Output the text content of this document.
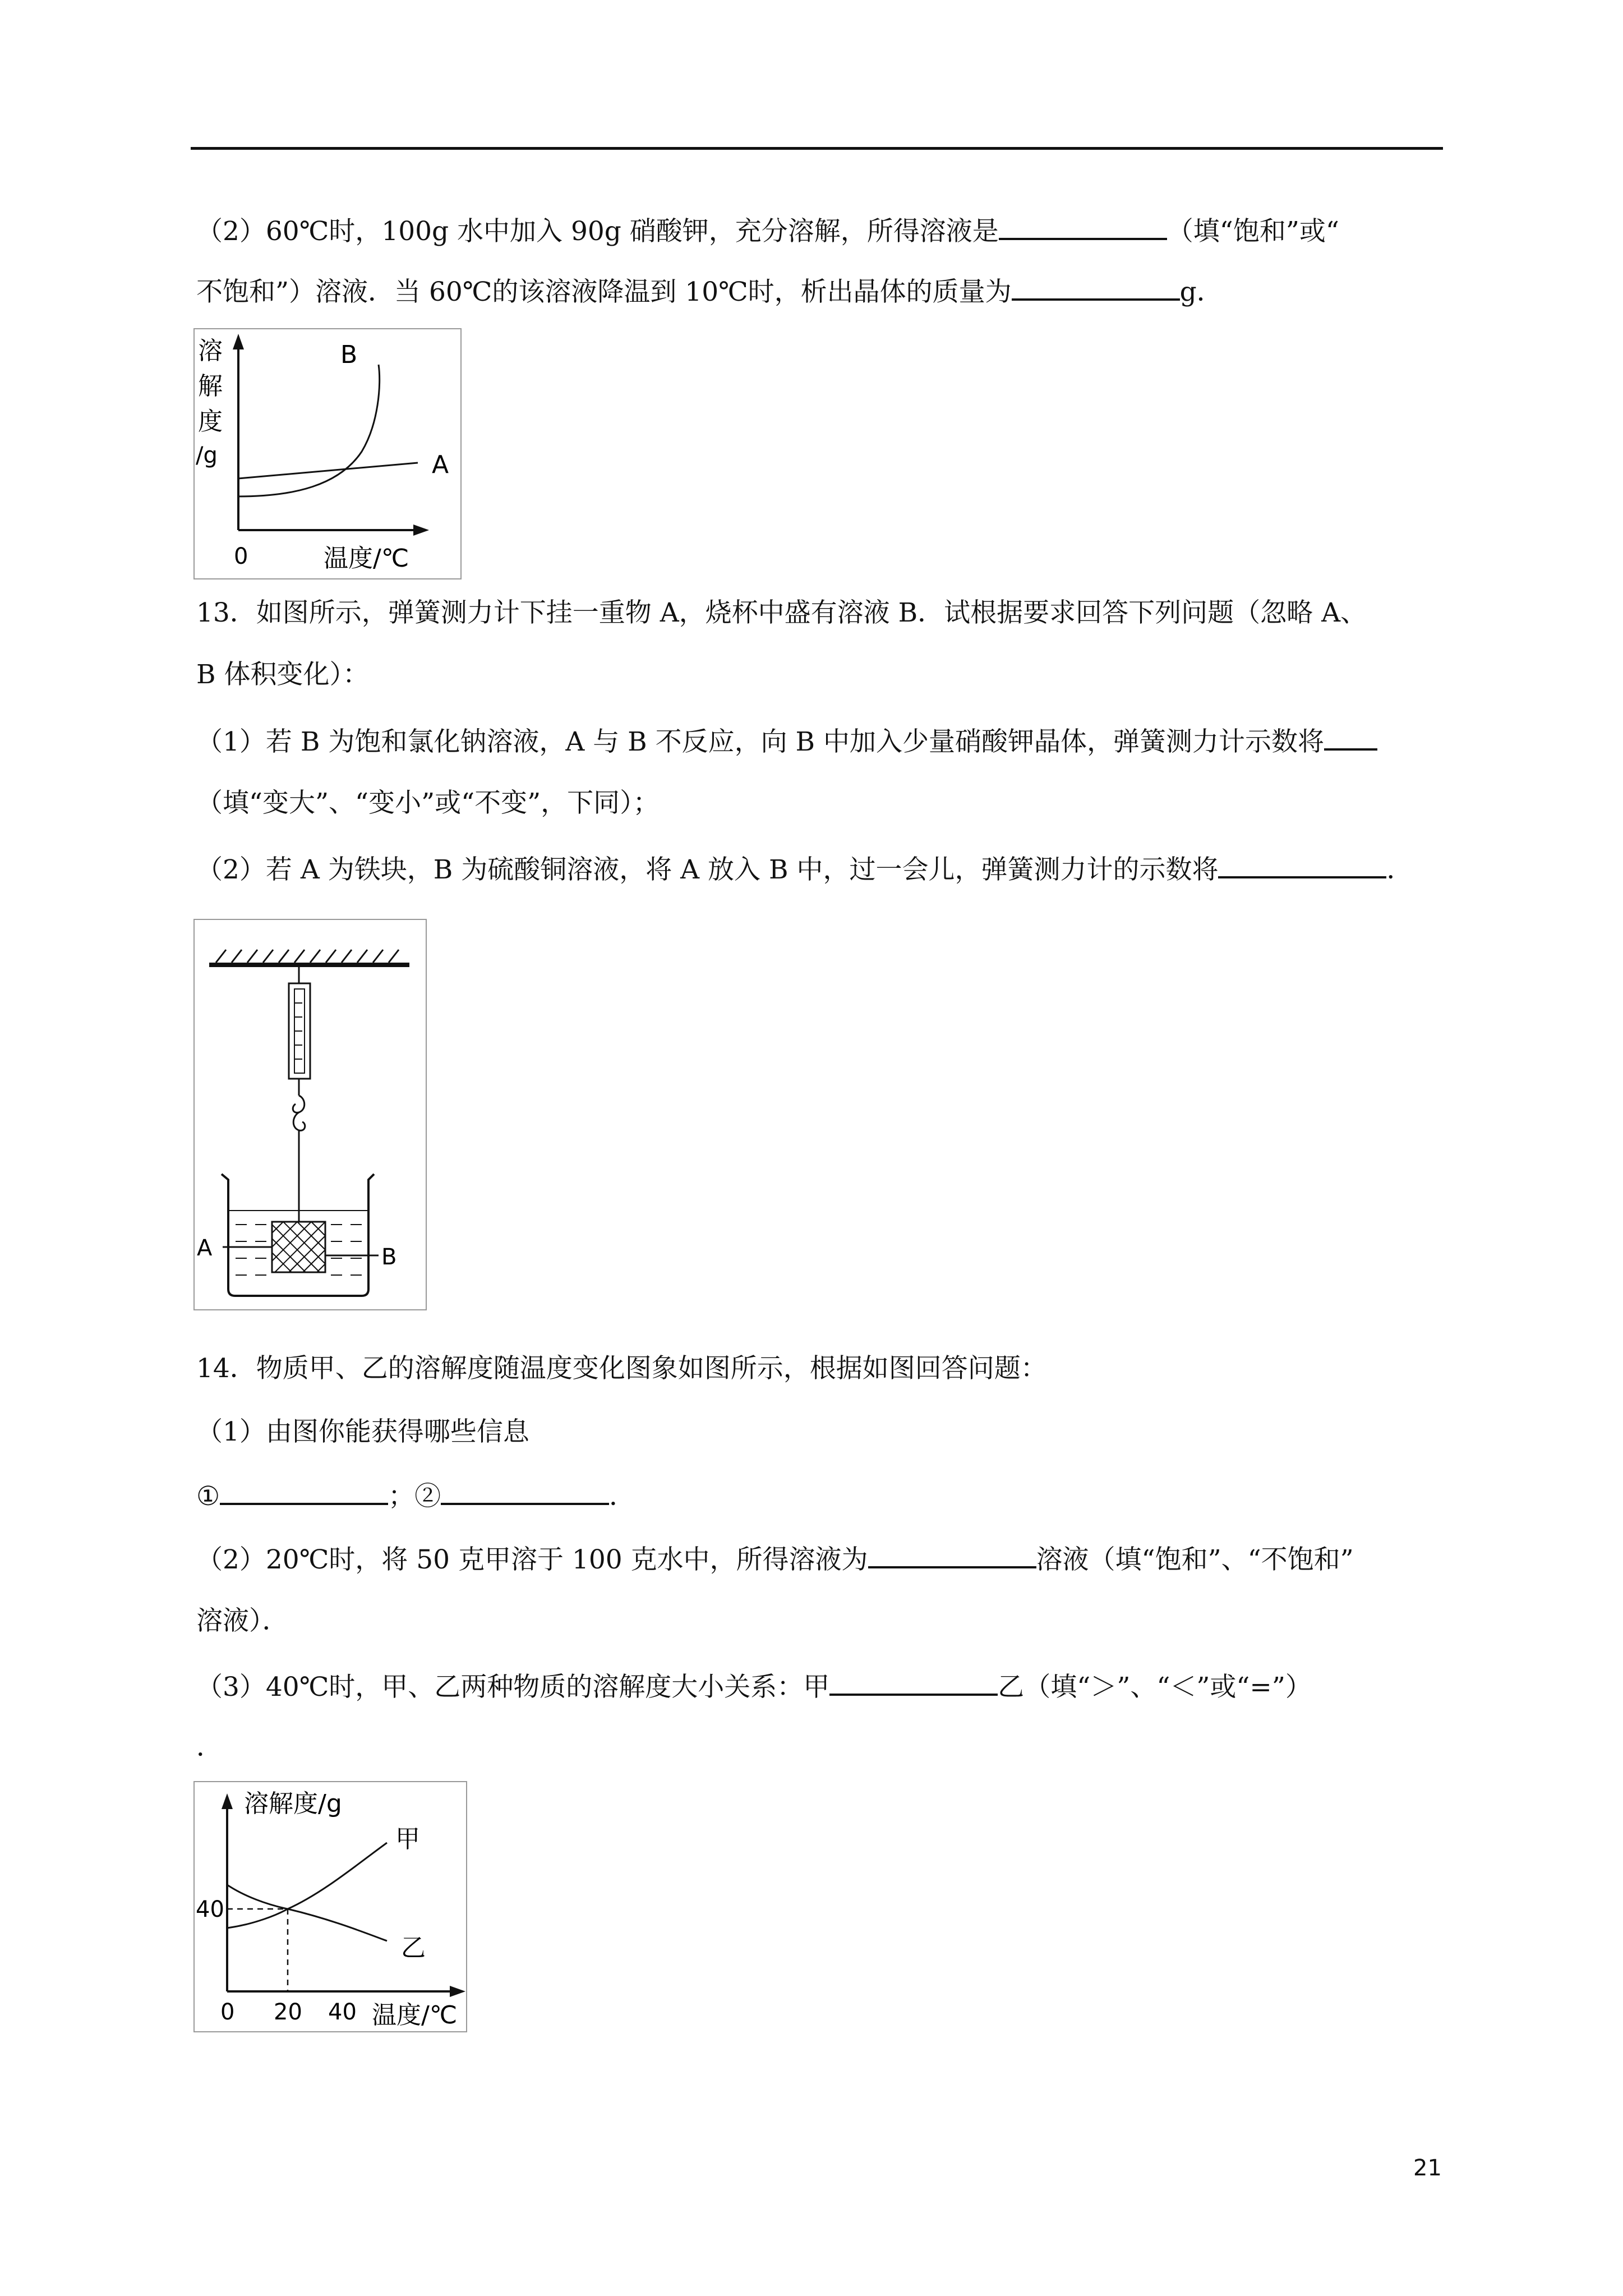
（2）60℃时，100g 水中加入 90g 硝酸钾，充分溶解，所得溶液是	（填“饱和”或“
不饱和”）溶液．当 60℃的该溶液降温到 10℃时，析出晶体的质量为	g．
溶
解
度
/g
B
A
0	温度/℃
13．如图所示，弹簧测力计下挂一重物 A，烧杯中盛有溶液 B．试根据要求回答下列问题（忽略 A、
B 体积变化）：
（1）若 B 为饱和氯化钠溶液，A 与 B 不反应，向 B 中加入少量硝酸钾晶体，弹簧测力计示数将
（填“变大”、“变小”或“不变”，下同）；
（2）若 A 为铁块，B 为硫酸铜溶液，将 A 放入 B 中，过一会儿，弹簧测力计的示数将	．
A	B
14．物质甲、乙的溶解度随温度变化图象如图所示，根据如图回答问题：
（1）由图你能获得哪些信息
①	；②	．
（2）20℃时，将 50 克甲溶于 100 克水中，所得溶液为	溶液（填“饱和”、“不饱和”
溶液）．
（3）40℃时，甲、乙两种物质的溶解度大小关系：甲	乙（填“＞”、“＜”或“=”）
．
溶解度/g
40
甲
乙
0 20 40 温度/℃
21
